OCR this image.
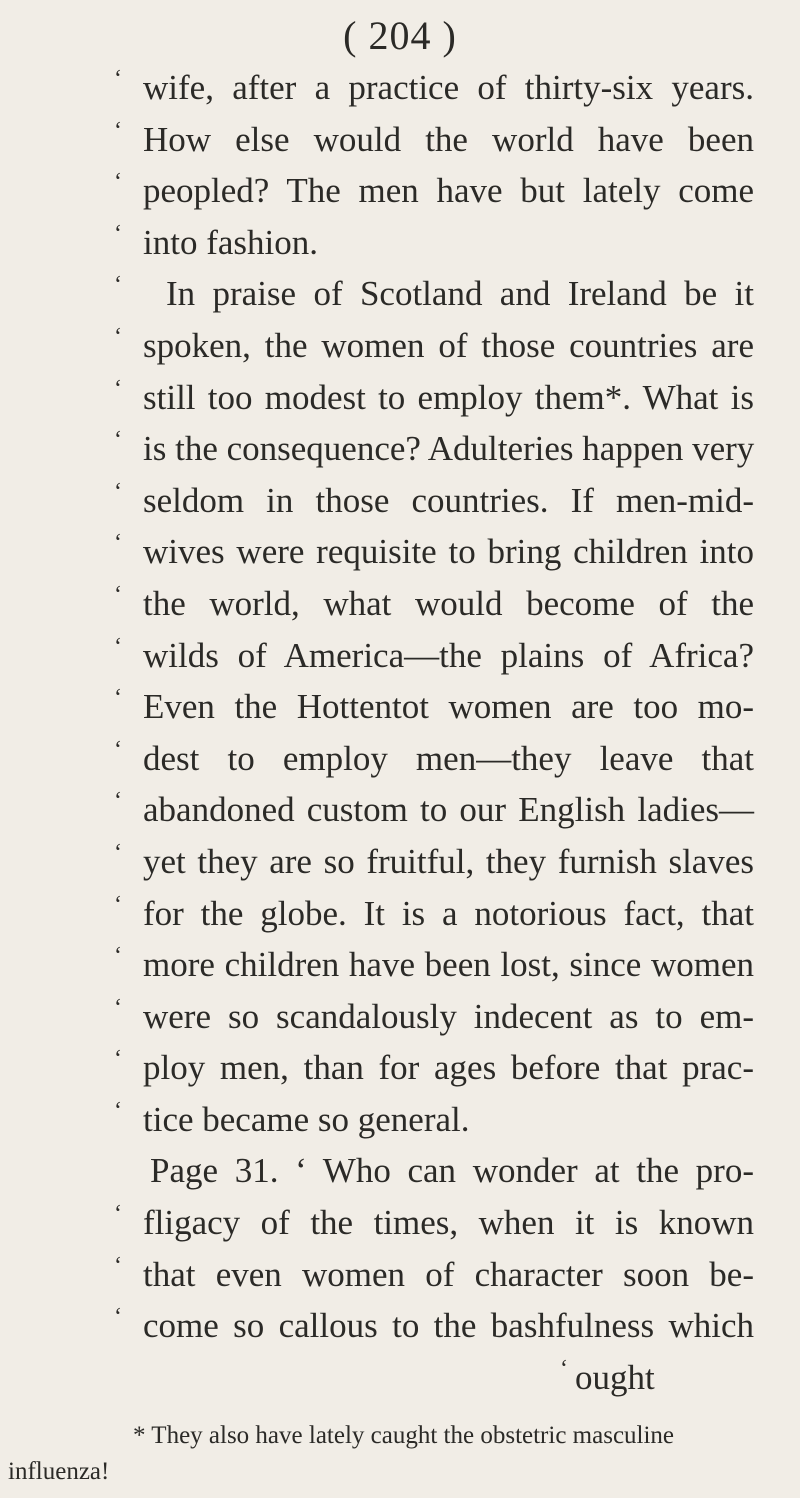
( 204 )
‘ wife, after a practice of thirty-six years.
‘ How else would the world have been
‘ peopled? The men have but lately come
‘ into fashion.
‘ In praise of Scotland and Ireland be it
‘ spoken, the women of those countries are
‘ still too modest to employ them*. What is
‘ is the consequence? Adulteries happen very
‘ seldom in those countries. If men-mid-
‘ wives were requisite to bring children into
‘ the world, what would become of the
‘ wilds of America—the plains of Africa?
‘ Even the Hottentot women are too mo-
‘ dest to employ men—they leave that
‘ abandoned custom to our English ladies—
‘ yet they are so fruitful, they furnish slaves
‘ for the globe. It is a notorious fact, that
‘ more children have been lost, since women
‘ were so scandalously indecent as to em-
‘ ploy men, than for ages before that prac-
‘ tice became so general.
Page 31. ‘ Who can wonder at the pro-
‘ fligacy of the times, when it is known
‘ that even women of character soon be-
‘ come so callous to the bashfulness which
‘ ought
* They also have lately caught the obstetric masculine
influenza!
